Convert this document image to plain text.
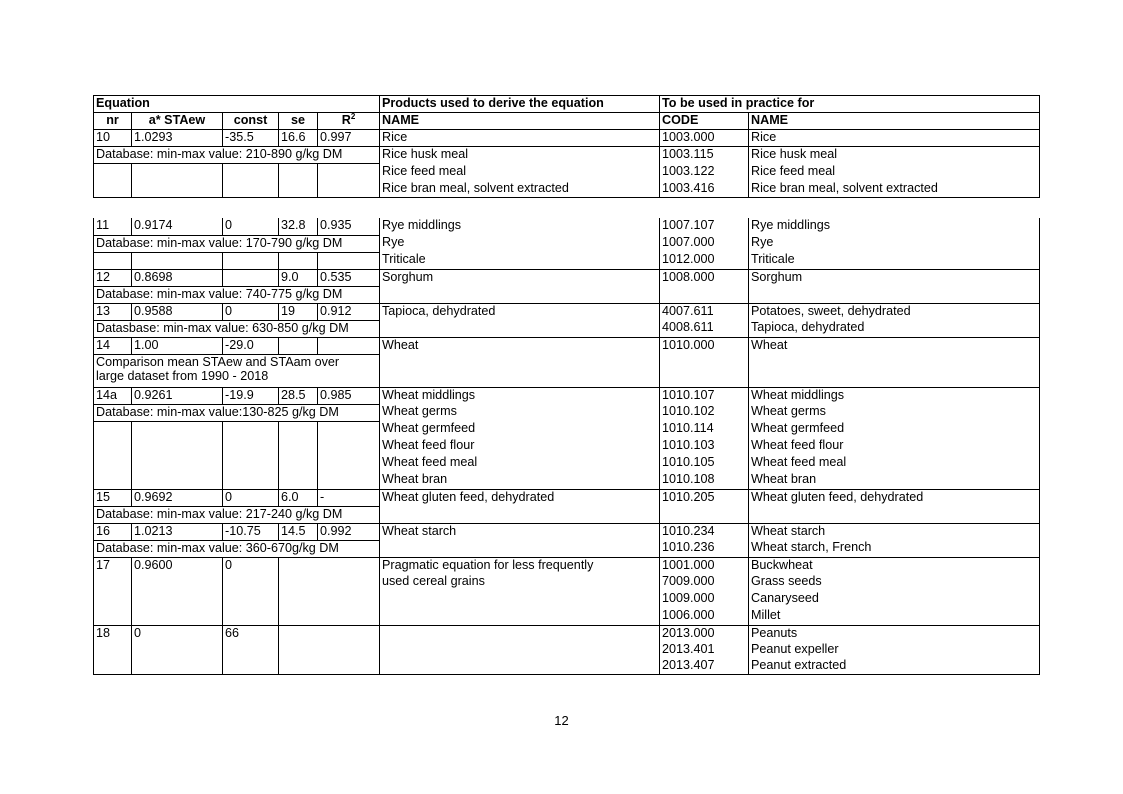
Equation					Products used to derive the equation	To be used in practice for	
nr	a* STAew	const	se	$R^2$	NAME	CODE	NAME
10	1.0293	-35.5	16.6	0.997	Rice	1003.000	Rice
Database: min-max value: 210-890 g/kg DM					Rice husk meal	1003.115	Rice husk meal
					Rice feed meal	1003.122	Rice feed meal
					Rice bran meal, solvent extracted	1003.416	Rice bran meal, solvent extracted
11	0.9174	0	32.8	0.935	Rye middlings	1007.107	Rye middlings
Database: min-max value: 170-790 g/kg DM					Rye	1007.000	Rye
					Triticale	1012.000	Triticale
12	0.8698		9.0	0.535	Sorghum	1008.000	Sorghum
Database: min-max value: 740-775 g/kg DM							
13	0.9588	0	19	0.912	Tapioca, dehydrated	4007.611	Potatoes, sweet, dehydrated
Datasbase: min-max value: 630-850 g/kg DM						4008.611	Tapioca, dehydrated
14	1.00	-29.0			Wheat	1010.000	Wheat
Comparison mean STAew and STAam over
large dataset from 1990 - 2018							
14a	0.9261	-19.9	28.5	0.985	Wheat middlings	1010.107	Wheat middlings
Database: min-max value:130-825 g/kg DM					Wheat germs	1010.102	Wheat germs
					Wheat germfeed	1010.114	Wheat germfeed
					Wheat feed flour	1010.103	Wheat feed flour
					Wheat feed meal	1010.105	Wheat feed meal
					Wheat bran	1010.108	Wheat bran
15	0.9692	0	6.0	-	Wheat gluten feed, dehydrated	1010.205	Wheat gluten feed, dehydrated
Database: min-max value: 217-240 g/kg DM							
16	1.0213	-10.75	14.5	0.992	Wheat starch	1010.234	Wheat starch
Database: min-max value: 360-670g/kg DM						1010.236	Wheat starch, French
17	0.9600	0			Pragmatic equation for less frequently	1001.000	Buckwheat
					used cereal grains	7009.000	Grass seeds
						1009.000	Canaryseed
						1006.000	Millet
18	0	66				2013.000	Peanuts
						2013.401	Peanut expeller
						2013.407	Peanut extracted
12
